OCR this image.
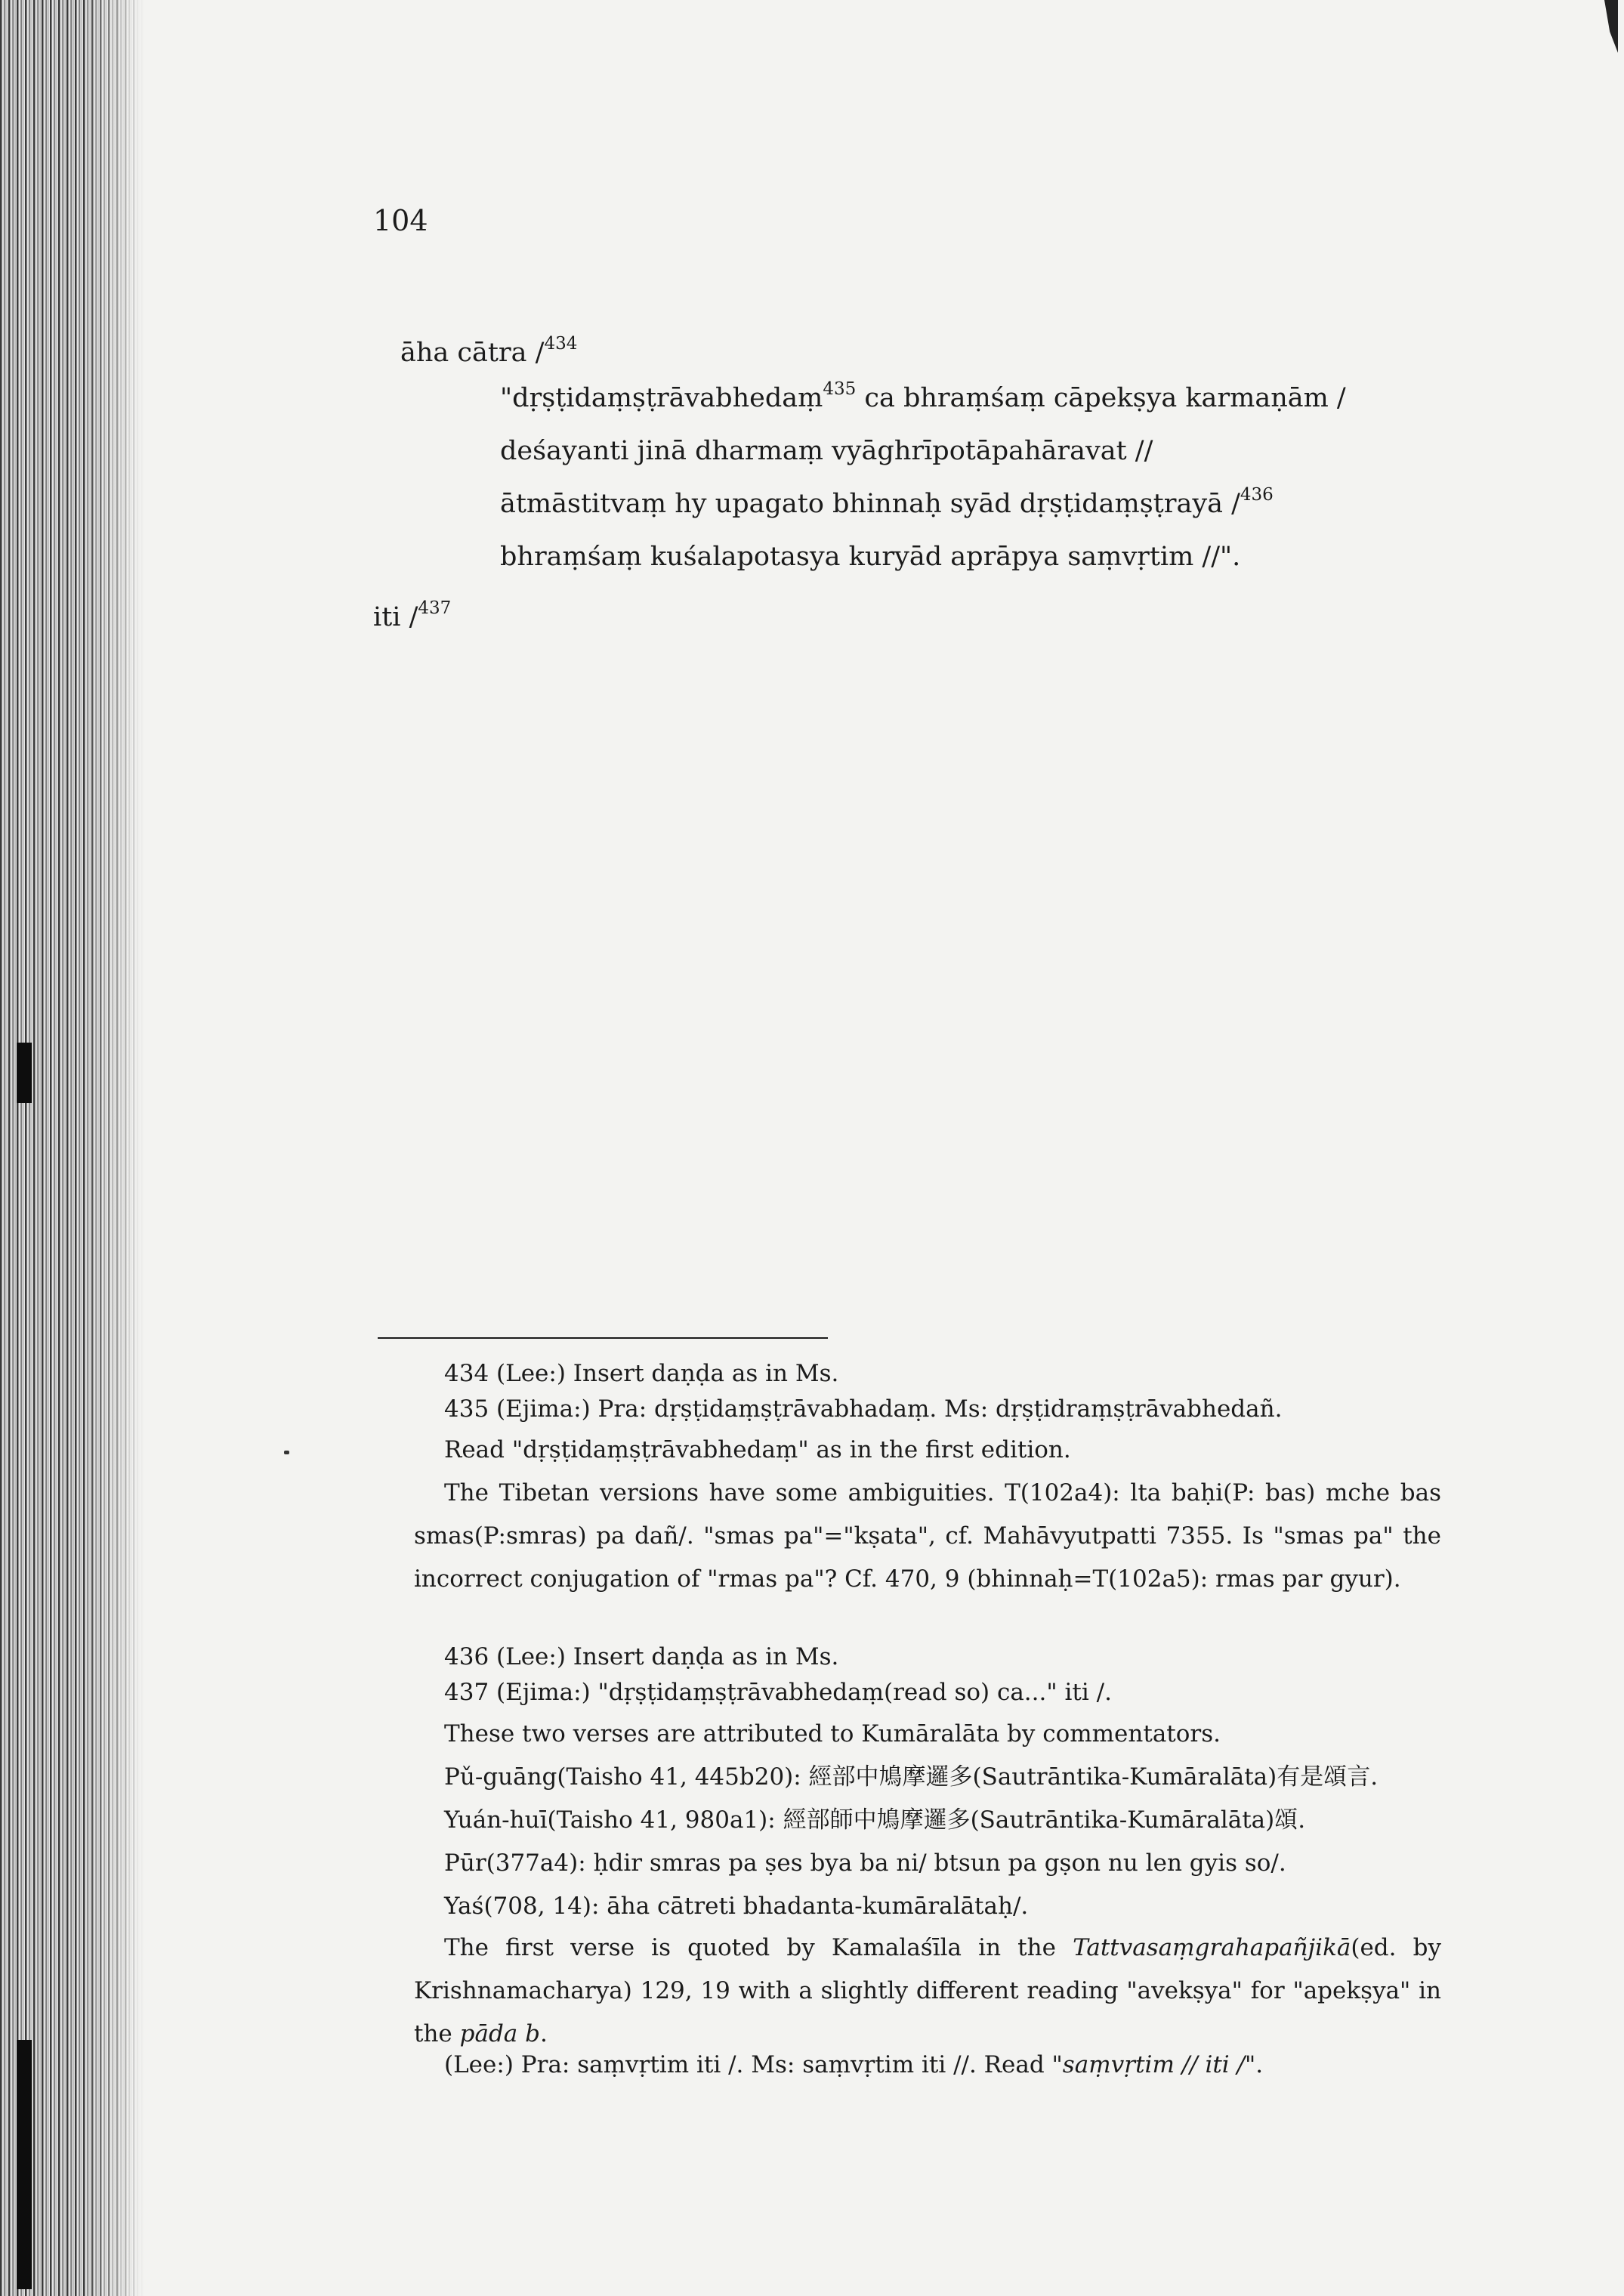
104
āha cātra /$^{434}$
"dṛṣṭidaṃṣṭrāvabhedaṃ$^{435}$ ca bhraṃśaṃ cāpekṣya karmaṇām /
deśayanti jinā dharmaṃ vyāghrīpotāpahāravat //
ātmāstitvaṃ hy upagato bhinnaḥ syād dṛṣṭidaṃṣṭrayā /$^{436}$
bhraṃśaṃ kuśalapotasya kuryād aprāpya saṃvṛtim //".
iti /$^{437}$
434 (Lee:) Insert daṇḍa as in Ms.
435 (Ejima:) Pra: dṛṣṭidaṃṣṭrāvabhadaṃ. Ms: dṛṣṭidraṃṣṭrāvabhedañ.
Read "dṛṣṭidaṃṣṭrāvabhedaṃ" as in the first edition.
The Tibetan versions have some ambiguities. T(102a4): lta baḥi(P: bas) mche bas smas(P:smras) pa dañ/. "smas pa"="kṣata", cf. Mahāvyutpatti 7355. Is "smas pa" the incorrect conjugation of "rmas pa"? Cf. 470, 9 (bhinnaḥ=T(102a5): rmas par gyur).
436 (Lee:) Insert daṇḍa as in Ms.
437 (Ejima:) "dṛṣṭidaṃṣṭrāvabhedaṃ(read so) ca..." iti /.
These two verses are attributed to Kumāralāta by commentators.
Pǔ-guāng(Taisho 41, 445b20): 經部中鳩摩邏多(Sautrāntika-Kumāralāta)有是頌言.
Yuán-huī(Taisho 41, 980a1): 經部師中鳩摩邏多(Sautrāntika-Kumāralāta)頌.
Pūr(377a4): ḥdir smras pa ṣes bya ba ni/ btsun pa gṣon nu len gyis so/.
Yaś(708, 14): āha cātreti bhadanta-kumāralātaḥ/.
The first verse is quoted by Kamalaśīla in the Tattvasaṃgrahapañjikā(ed. by Krishnamacharya) 129, 19 with a slightly different reading "avekṣya" for "apekṣya" in the pāda b.
(Lee:) Pra: saṃvṛtim iti /. Ms: saṃvṛtim iti //. Read "saṃvṛtim // iti /".
